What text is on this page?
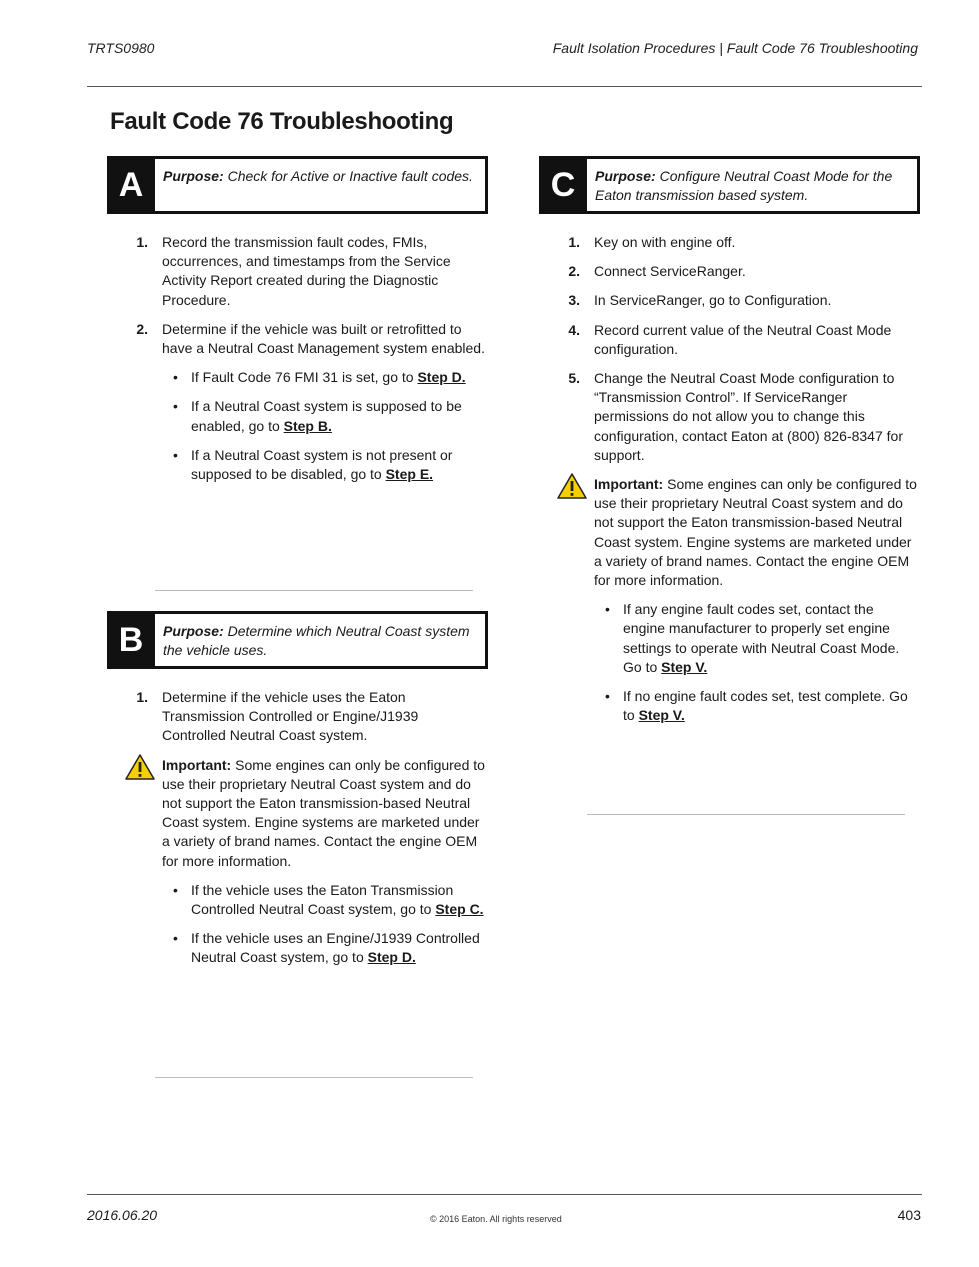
TRTS0980	Fault Isolation Procedures | Fault Code 76 Troubleshooting
Fault Code 76 Troubleshooting
A	Purpose: Check for Active or Inactive fault codes.
1. Record the transmission fault codes, FMIs, occurrences, and timestamps from the Service Activity Report created during the Diagnostic Procedure.
2. Determine if the vehicle was built or retrofitted to have a Neutral Coast Management system enabled.
• If Fault Code 76 FMI 31 is set, go to Step D.
• If a Neutral Coast system is supposed to be enabled, go to Step B.
• If a Neutral Coast system is not present or supposed to be disabled, go to Step E.
B	Purpose: Determine which Neutral Coast system the vehicle uses.
1. Determine if the vehicle uses the Eaton Transmission Controlled or Engine/J1939 Controlled Neutral Coast system.
Important: Some engines can only be configured to use their proprietary Neutral Coast system and do not support the Eaton transmission-based Neutral Coast system. Engine systems are marketed under a variety of brand names. Contact the engine OEM for more information.
• If the vehicle uses the Eaton Transmission Controlled Neutral Coast system, go to Step C.
• If the vehicle uses an Engine/J1939 Controlled Neutral Coast system, go to Step D.
C	Purpose: Configure Neutral Coast Mode for the Eaton transmission based system.
1. Key on with engine off.
2. Connect ServiceRanger.
3. In ServiceRanger, go to Configuration.
4. Record current value of the Neutral Coast Mode configuration.
5. Change the Neutral Coast Mode configuration to “Transmission Control”. If ServiceRanger permissions do not allow you to change this configuration, contact Eaton at (800) 826-8347 for support.
Important: Some engines can only be configured to use their proprietary Neutral Coast system and do not support the Eaton transmission-based Neutral Coast system. Engine systems are marketed under a variety of brand names. Contact the engine OEM for more information.
• If any engine fault codes set, contact the engine manufacturer to properly set engine settings to operate with Neutral Coast Mode. Go to Step V.
• If no engine fault codes set, test complete. Go to Step V.
2016.06.20	© 2016 Eaton. All rights reserved	403
